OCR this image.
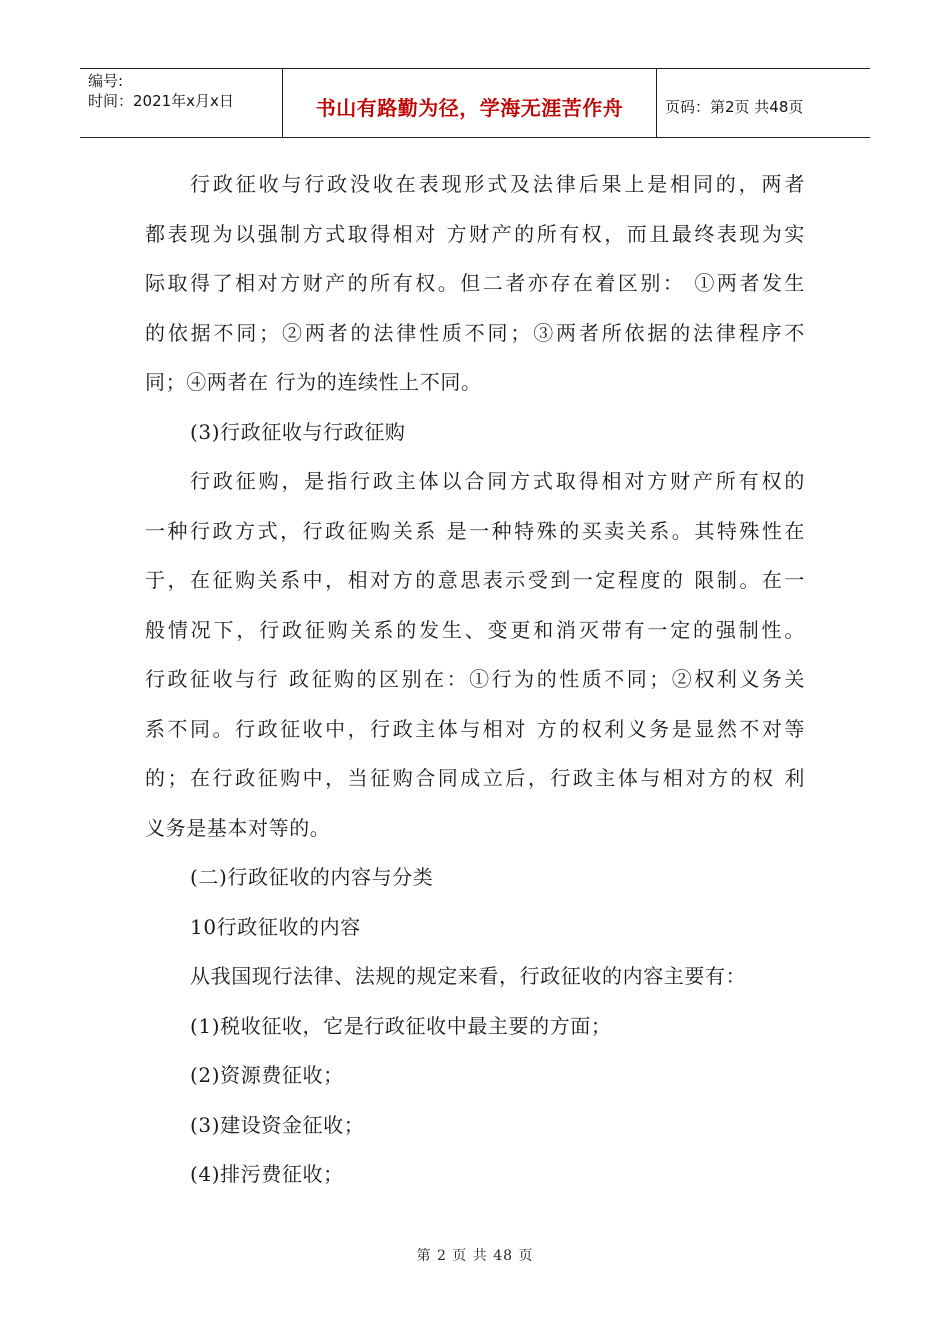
编号:
时间：2021年x月x日	书山有路勤为径，学海无涯苦作舟	页码：第2页 共48页
行政征收与行政没收在表现形式及法律后果上是相同的，两者
都表现为以强制方式取得相对 方财产的所有权，而且最终表现为实
际取得了相对方财产的所有权。但二者亦存在着区别： ①两者发生
的依据不同；②两者的法律性质不同；③两者所依据的法律程序不
同；④两者在 行为的连续性上不同。
(3)行政征收与行政征购
行政征购，是指行政主体以合同方式取得相对方财产所有权的
一种行政方式，行政征购关系 是一种特殊的买卖关系。其特殊性在
于，在征购关系中，相对方的意思表示受到一定程度的 限制。在一
般情况下，行政征购关系的发生、变更和消灭带有一定的强制性。
行政征收与行 政征购的区别在：①行为的性质不同；②权利义务关
系不同。行政征收中，行政主体与相对 方的权利义务是显然不对等
的；在行政征购中，当征购合同成立后，行政主体与相对方的权 利
义务是基本对等的。
(二)行政征收的内容与分类
10行政征收的内容
从我国现行法律、法规的规定来看，行政征收的内容主要有：
(1)税收征收，它是行政征收中最主要的方面；
(2)资源费征收；
(3)建设资金征收；
(4)排污费征收；
第 2 页 共 48 页
